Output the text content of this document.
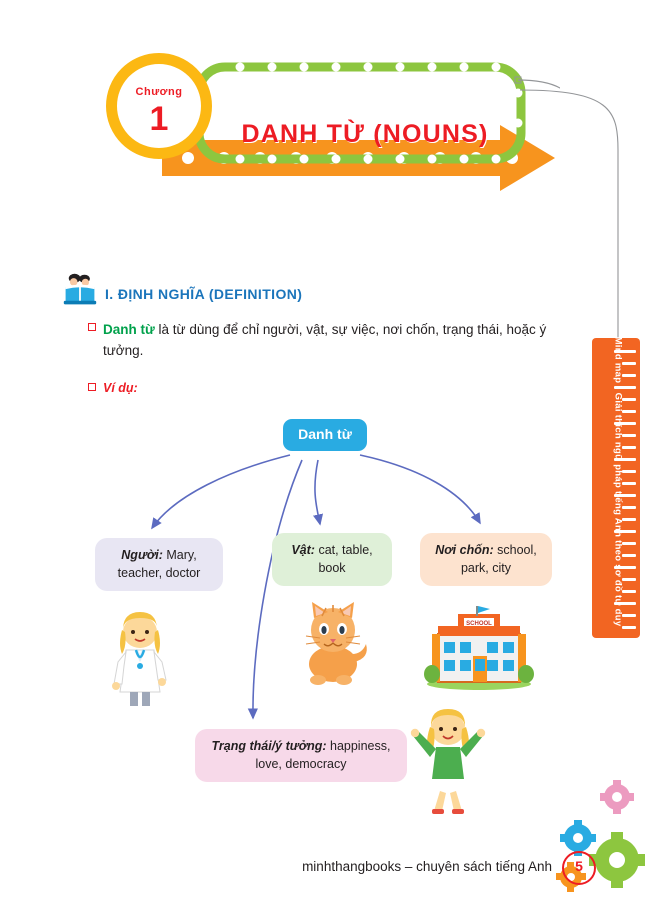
DANH TỪ (NOUNS)
Chương
1
I. ĐỊNH NGHĨA (DEFINITION)
Danh từ là từ dùng để chỉ người, vật, sự việc, nơi chốn, trạng thái, hoặc ý tưởng.
Ví dụ:
Danh từ
Người: Mary, teacher, doctor
Vật: cat, table, book
Nơi chốn: school, park, city
Trạng thái/ý tưởng: happiness, love, democracy
SCHOOL	Mind map - Giải thích ngữ pháp tiếng Anh theo sơ đồ tư duy
minhthangbooks – chuyên sách tiếng Anh	5
